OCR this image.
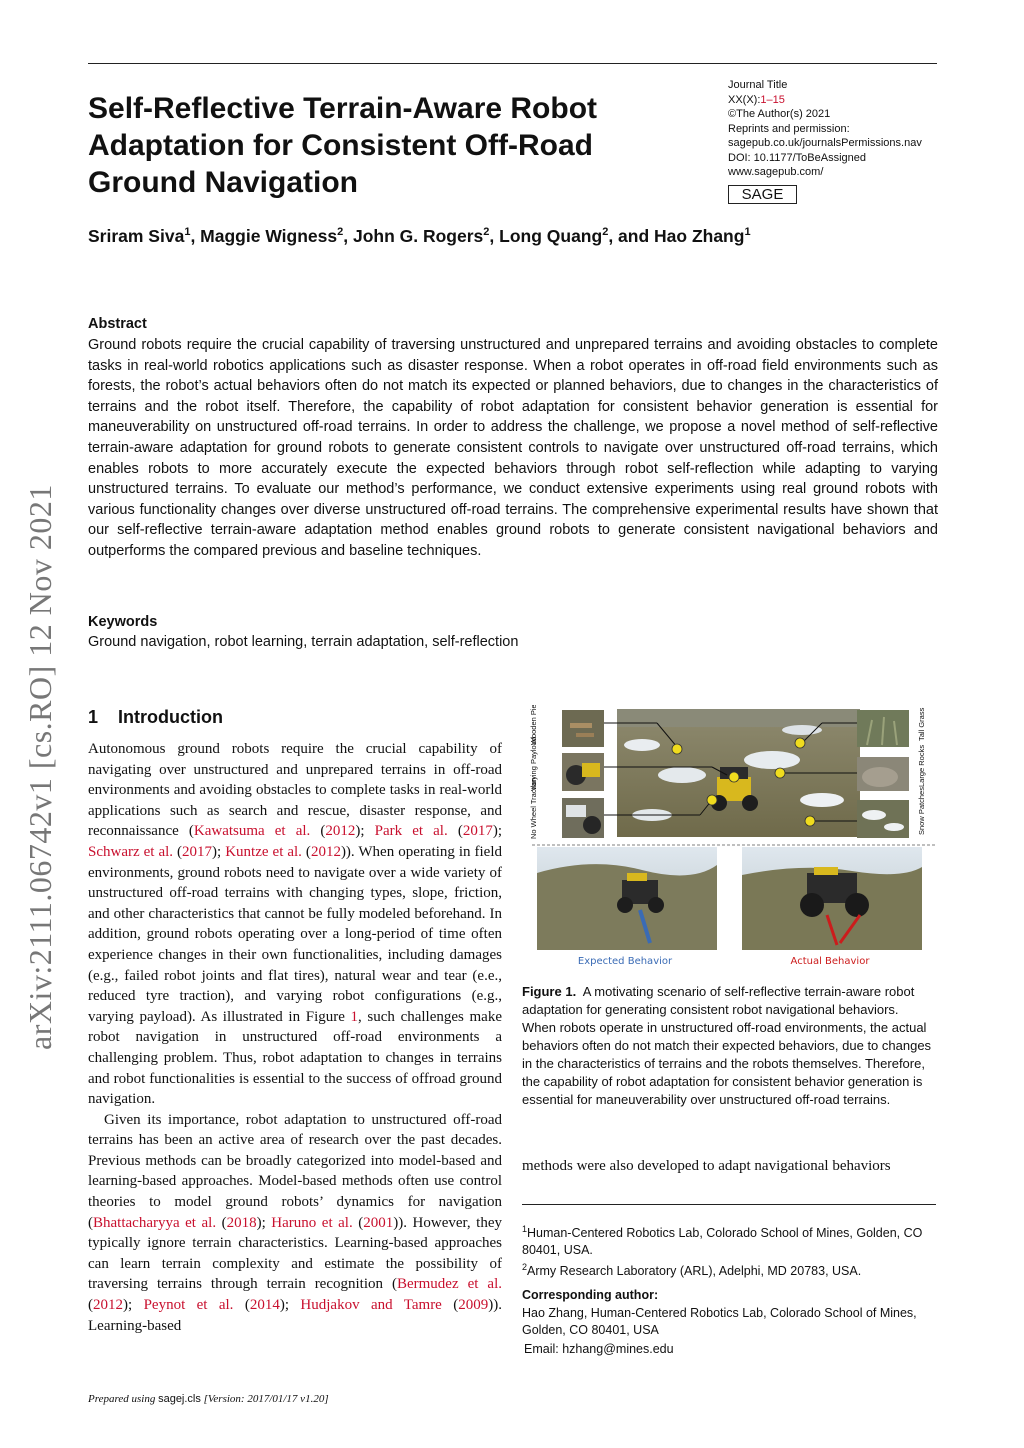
arXiv:2111.06742v1 [cs.RO] 12 Nov 2021
Self-Reflective Terrain-Aware Robot
Adaptation for Consistent Off-Road
Ground Navigation
Journal Title
XX(X):1–15
©The Author(s) 2021
Reprints and permission:
sagepub.co.uk/journalsPermissions.nav
DOI: 10.1177/ToBeAssigned
www.sagepub.com/
SAGE
Sriram Siva$^1$, Maggie Wigness$^2$, John G. Rogers$^2$, Long Quang$^2$, and Hao Zhang$^1$
Abstract
Ground robots require the crucial capability of traversing unstructured and unprepared terrains and avoiding obstacles to complete tasks in real-world robotics applications such as disaster response. When a robot operates in off-road field environments such as forests, the robot’s actual behaviors often do not match its expected or planned behaviors, due to changes in the characteristics of terrains and the robot itself. Therefore, the capability of robot adaptation for consistent behavior generation is essential for maneuverability on unstructured off-road terrains. In order to address the challenge, we propose a novel method of self-reflective terrain-aware adaptation for ground robots to generate consistent controls to navigate over unstructured off-road terrains, which enables robots to more accurately execute the expected behaviors through robot self-reflection while adapting to varying unstructured terrains. To evaluate our method’s performance, we conduct extensive experiments using real ground robots with various functionality changes over diverse unstructured off-road terrains. The comprehensive experimental results have shown that our self-reflective terrain-aware adaptation method enables ground robots to generate consistent navigational behaviors and outperforms the compared previous and baseline techniques.
Keywords
Ground navigation, robot learning, terrain adaptation, self-reflection
1 Introduction

Autonomous ground robots require the crucial capability of navigating over unstructured and unprepared terrains in off-road environments and avoiding obstacles to complete tasks in real-world applications such as search and rescue, disaster response, and reconnaissance (Kawatsuma et al. (2012); Park et al. (2017); Schwarz et al. (2017); Kuntze et al. (2012)). When operating in field environments, ground robots need to navigate over a wide variety of unstructured off-road terrains with changing types, slope, friction, and other characteristics that cannot be fully modeled beforehand. In addition, ground robots operating over a long-period of time often experience changes in their own functionalities, including damages (e.g., failed robot joints and flat tires), natural wear and tear (e.e., reduced tyre traction), and varying robot configurations (e.g., varying payload). As illustrated in Figure 1, such challenges make robot navigation in unstructured off-road environments a challenging problem. Thus, robot adaptation to changes in terrains and robot functionalities is essential to the success of offroad ground navigation.

Given its importance, robot adaptation to unstructured off-road terrains has been an active area of research over the past decades. Previous methods can be broadly categorized into model-based and learning-based approaches. Model-based methods often use control theories to model ground robots’ dynamics for navigation (Bhattacharyya et al. (2018); Haruno et al. (2001)). However, they typically ignore terrain characteristics. Learning-based approaches can learn terrain complexity and estimate the possibility of traversing terrains through terrain recognition (Bermudez et al. (2012); Peynot et al. (2014); Hudjakov and Tamre (2009)). Learning-based

Wooden Pieces
Varying Payload
No Wheel Traction
Tall Grass
Large Rocks
Snow Patches
Expected Behavior	Actual Behavior
Figure 1. A motivating scenario of self-reflective terrain-aware robot adaptation for generating consistent robot navigational behaviors. When robots operate in unstructured off-road environments, the actual behaviors often do not match their expected behaviors, due to changes in the characteristics of terrains and the robots themselves. Therefore, the capability of robot adaptation for consistent behavior generation is essential for maneuverability over unstructured off-road terrains.
methods were also developed to adapt navigational behaviors
$^1$Human-Centered Robotics Lab, Colorado School of Mines, Golden, CO 80401, USA.
$^2$Army Research Laboratory (ARL), Adelphi, MD 20783, USA.
Corresponding author:
Hao Zhang, Human-Centered Robotics Lab, Colorado School of Mines, Golden, CO 80401, USA
Email: hzhang@mines.edu
Prepared using sagej.cls [Version: 2017/01/17 v1.20]
